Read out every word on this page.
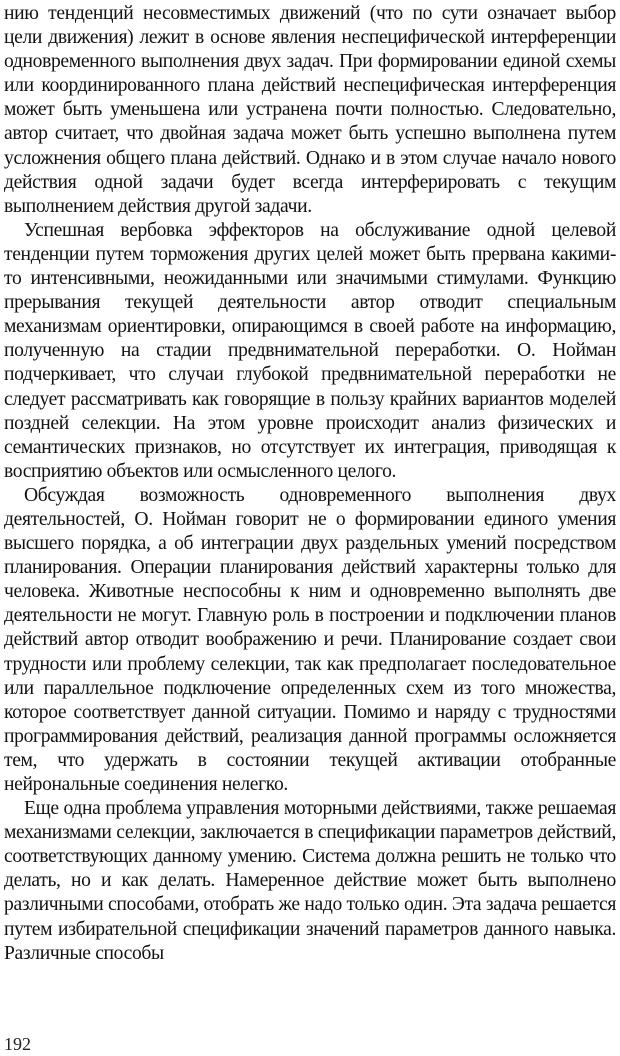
нию тенденций несовместимых движений (что по сути означает выбор цели движения) лежит в основе явления неспецифической интерференции одновременного выполнения двух задач. При формировании единой схемы или координированного плана действий неспецифическая интерференция может быть уменьшена или устранена почти полностью. Следовательно, автор считает, что двойная задача может быть успешно выполнена путем усложнения общего плана действий. Однако и в этом случае начало нового действия одной задачи будет всегда интерферировать с текущим выполнением действия другой задачи.

Успешная вербовка эффекторов на обслуживание одной целевой тенденции путем торможения других целей может быть прервана какими-то интенсивными, неожиданными или значимыми стимулами. Функцию прерывания текущей деятельности автор отводит специальным механизмам ориентировки, опирающимся в своей работе на информацию, полученную на стадии предвнимательной переработки. О. Нойман подчеркивает, что случаи глубокой предвнимательной переработки не следует рассматривать как говорящие в пользу крайних вариантов моделей поздней селекции. На этом уровне происходит анализ физических и семантических признаков, но отсутствует их интеграция, приводящая к восприятию объектов или осмысленного целого.

Обсуждая возможность одновременного выполнения двух деятельностей, О. Нойман говорит не о формировании единого умения высшего порядка, а об интеграции двух раздельных умений посредством планирования. Операции планирования действий характерны только для человека. Животные неспособны к ним и одновременно выполнять две деятельности не могут. Главную роль в построении и подключении планов действий автор отводит воображению и речи. Планирование создает свои трудности или проблему селекции, так как предполагает последовательное или параллельное подключение определенных схем из того множества, которое соответствует данной ситуации. Помимо и наряду с трудностями программирования действий, реализация данной программы осложняется тем, что удержать в состоянии текущей активации отобранные нейрональные соединения нелегко.

Еще одна проблема управления моторными действиями, также решаемая механизмами селекции, заключается в спецификации параметров действий, соответствующих данному умению. Система должна решить не только что делать, но и как делать. Намеренное действие может быть выполнено различными способами, отобрать же надо только один. Эта задача решается путем избирательной спецификации значений параметров данного навыка. Различные способы

192
